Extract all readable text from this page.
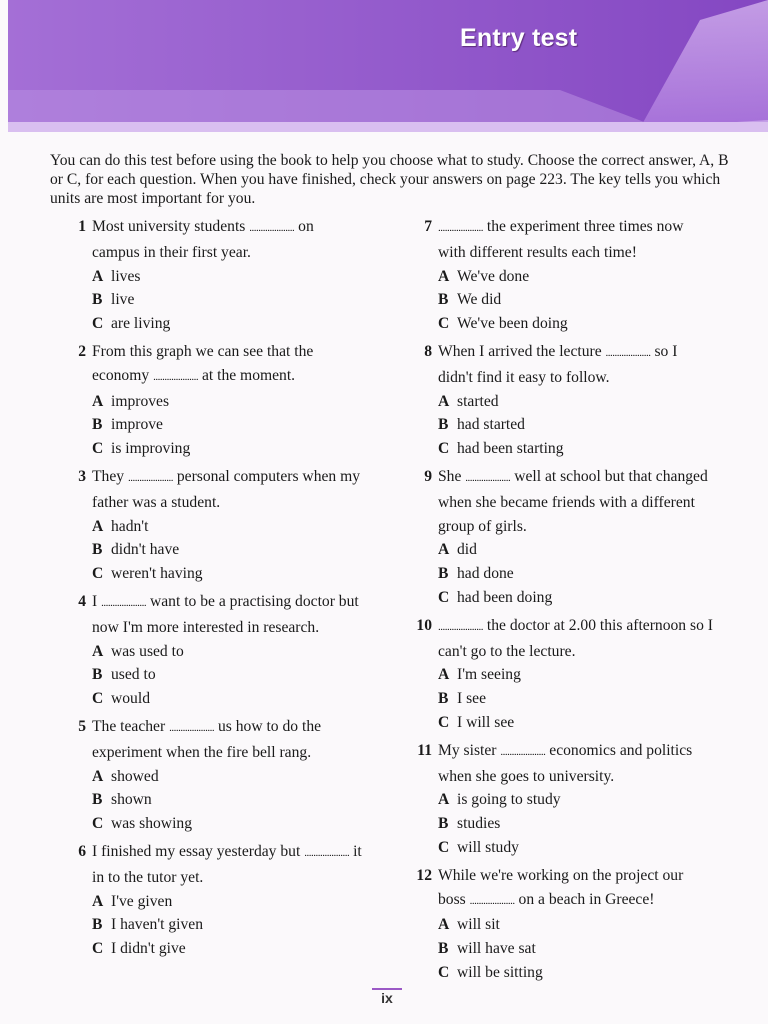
Entry test
You can do this test before using the book to help you choose what to study. Choose the correct answer, A, B or C, for each question. When you have finished, check your answers on page 223. The key tells you which units are most important for you.
1 Most university students .................... on campus in their first year.
A lives
B live
C are living
2 From this graph we can see that the economy .................... at the moment.
A improves
B improve
C is improving
3 They .................... personal computers when my father was a student.
A hadn't
B didn't have
C weren't having
4 I .................... want to be a practising doctor but now I'm more interested in research.
A was used to
B used to
C would
5 The teacher .................... us how to do the experiment when the fire bell rang.
A showed
B shown
C was showing
6 I finished my essay yesterday but .................... it in to the tutor yet.
A I've given
B I haven't given
C I didn't give
7 .................... the experiment three times now with different results each time!
A We've done
B We did
C We've been doing
8 When I arrived the lecture .................... so I didn't find it easy to follow.
A started
B had started
C had been starting
9 She .................... well at school but that changed when she became friends with a different group of girls.
A did
B had done
C had been doing
10 .................... the doctor at 2.00 this afternoon so I can't go to the lecture.
A I'm seeing
B I see
C I will see
11 My sister .................... economics and politics when she goes to university.
A is going to study
B studies
C will study
12 While we're working on the project our boss .................... on a beach in Greece!
A will sit
B will have sat
C will be sitting
ix
